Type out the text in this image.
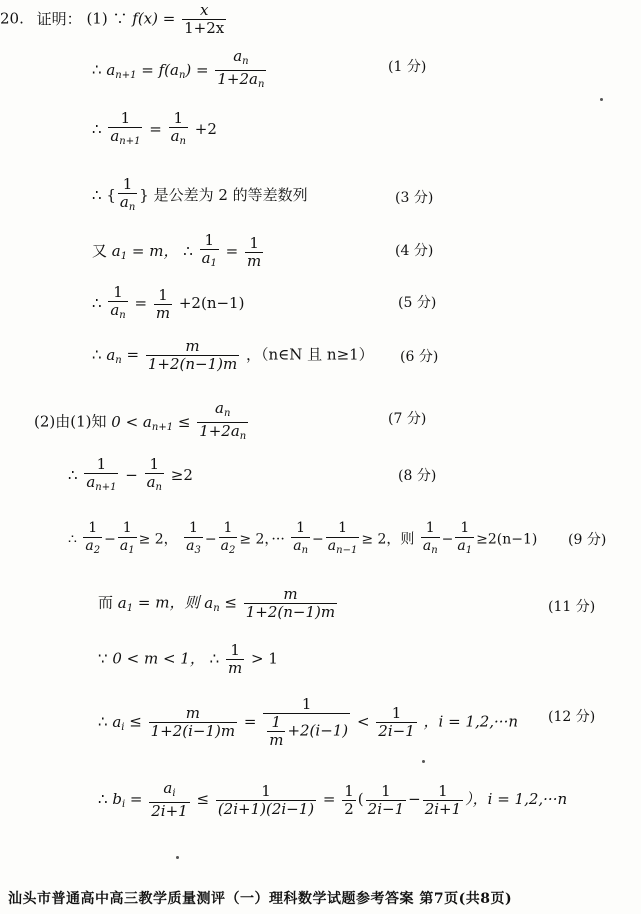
20. 证明： (1) ∵ $f(x) = \frac{x}{1+2x}$
∴ $a_{n+1} = f(a_n) = \frac{a_n}{1+2a_n}$	(1 分)
∴ $\frac{1}{a_{n+1}} = \frac{1}{a_n} +2$
∴ { $\frac{1}{a_n}$ } 是公差为 2 的等差数列	(3 分)
又 $a_1 = m$， ∴ $\frac{1}{a_1} = \frac{1}{m}$	(4 分)
∴ $\frac{1}{a_n} = \frac{1}{m} +2(n-1)$	(5 分)
∴ $a_n = \frac{m}{1+2(n-1)m}$ ，（n∈N 且 n≥1） (6 分)
(2)由(1)知 $0 < a_{n+1} \le \frac{a_n}{1+2a_n}$	(7 分)
∴ $\frac{1}{a_{n+1}} - \frac{1}{a_n} \ge 2$	(8 分)
∴ $\frac{1}{a_2} - \frac{1}{a_1} \ge 2$， $\frac{1}{a_3} - \frac{1}{a_2} \ge 2$，··· $\frac{1}{a_n} - \frac{1}{a_{n-1}} \ge 2$，则 $\frac{1}{a_n} - \frac{1}{a_1} \ge 2(n-1)$ (9 分)
而 $a_1 = m$，则 $a_n \le \frac{m}{1+2(n-1)m}$	(11 分)
∵ 0 < m < 1， ∴ $\frac{1}{m} > 1$
∴ $a_i \le \frac{m}{1+2(i-1)m} = \frac{1}{\frac{1}{m} +2(i-1)} < \frac{1}{2i-1}$ ，i = 1,2,···n (12 分)
∴ $b_i = \frac{a_i}{2i+1} \le \frac{1}{(2i+1)(2i-1)} = \frac{1}{2}$ ( $\frac{1}{2i-1} - \frac{1}{2i+1}$ ），i = 1,2,···n
汕头市普通高中高三教学质量测评（一）理科数学试题参考答案 第7页(共8页)
